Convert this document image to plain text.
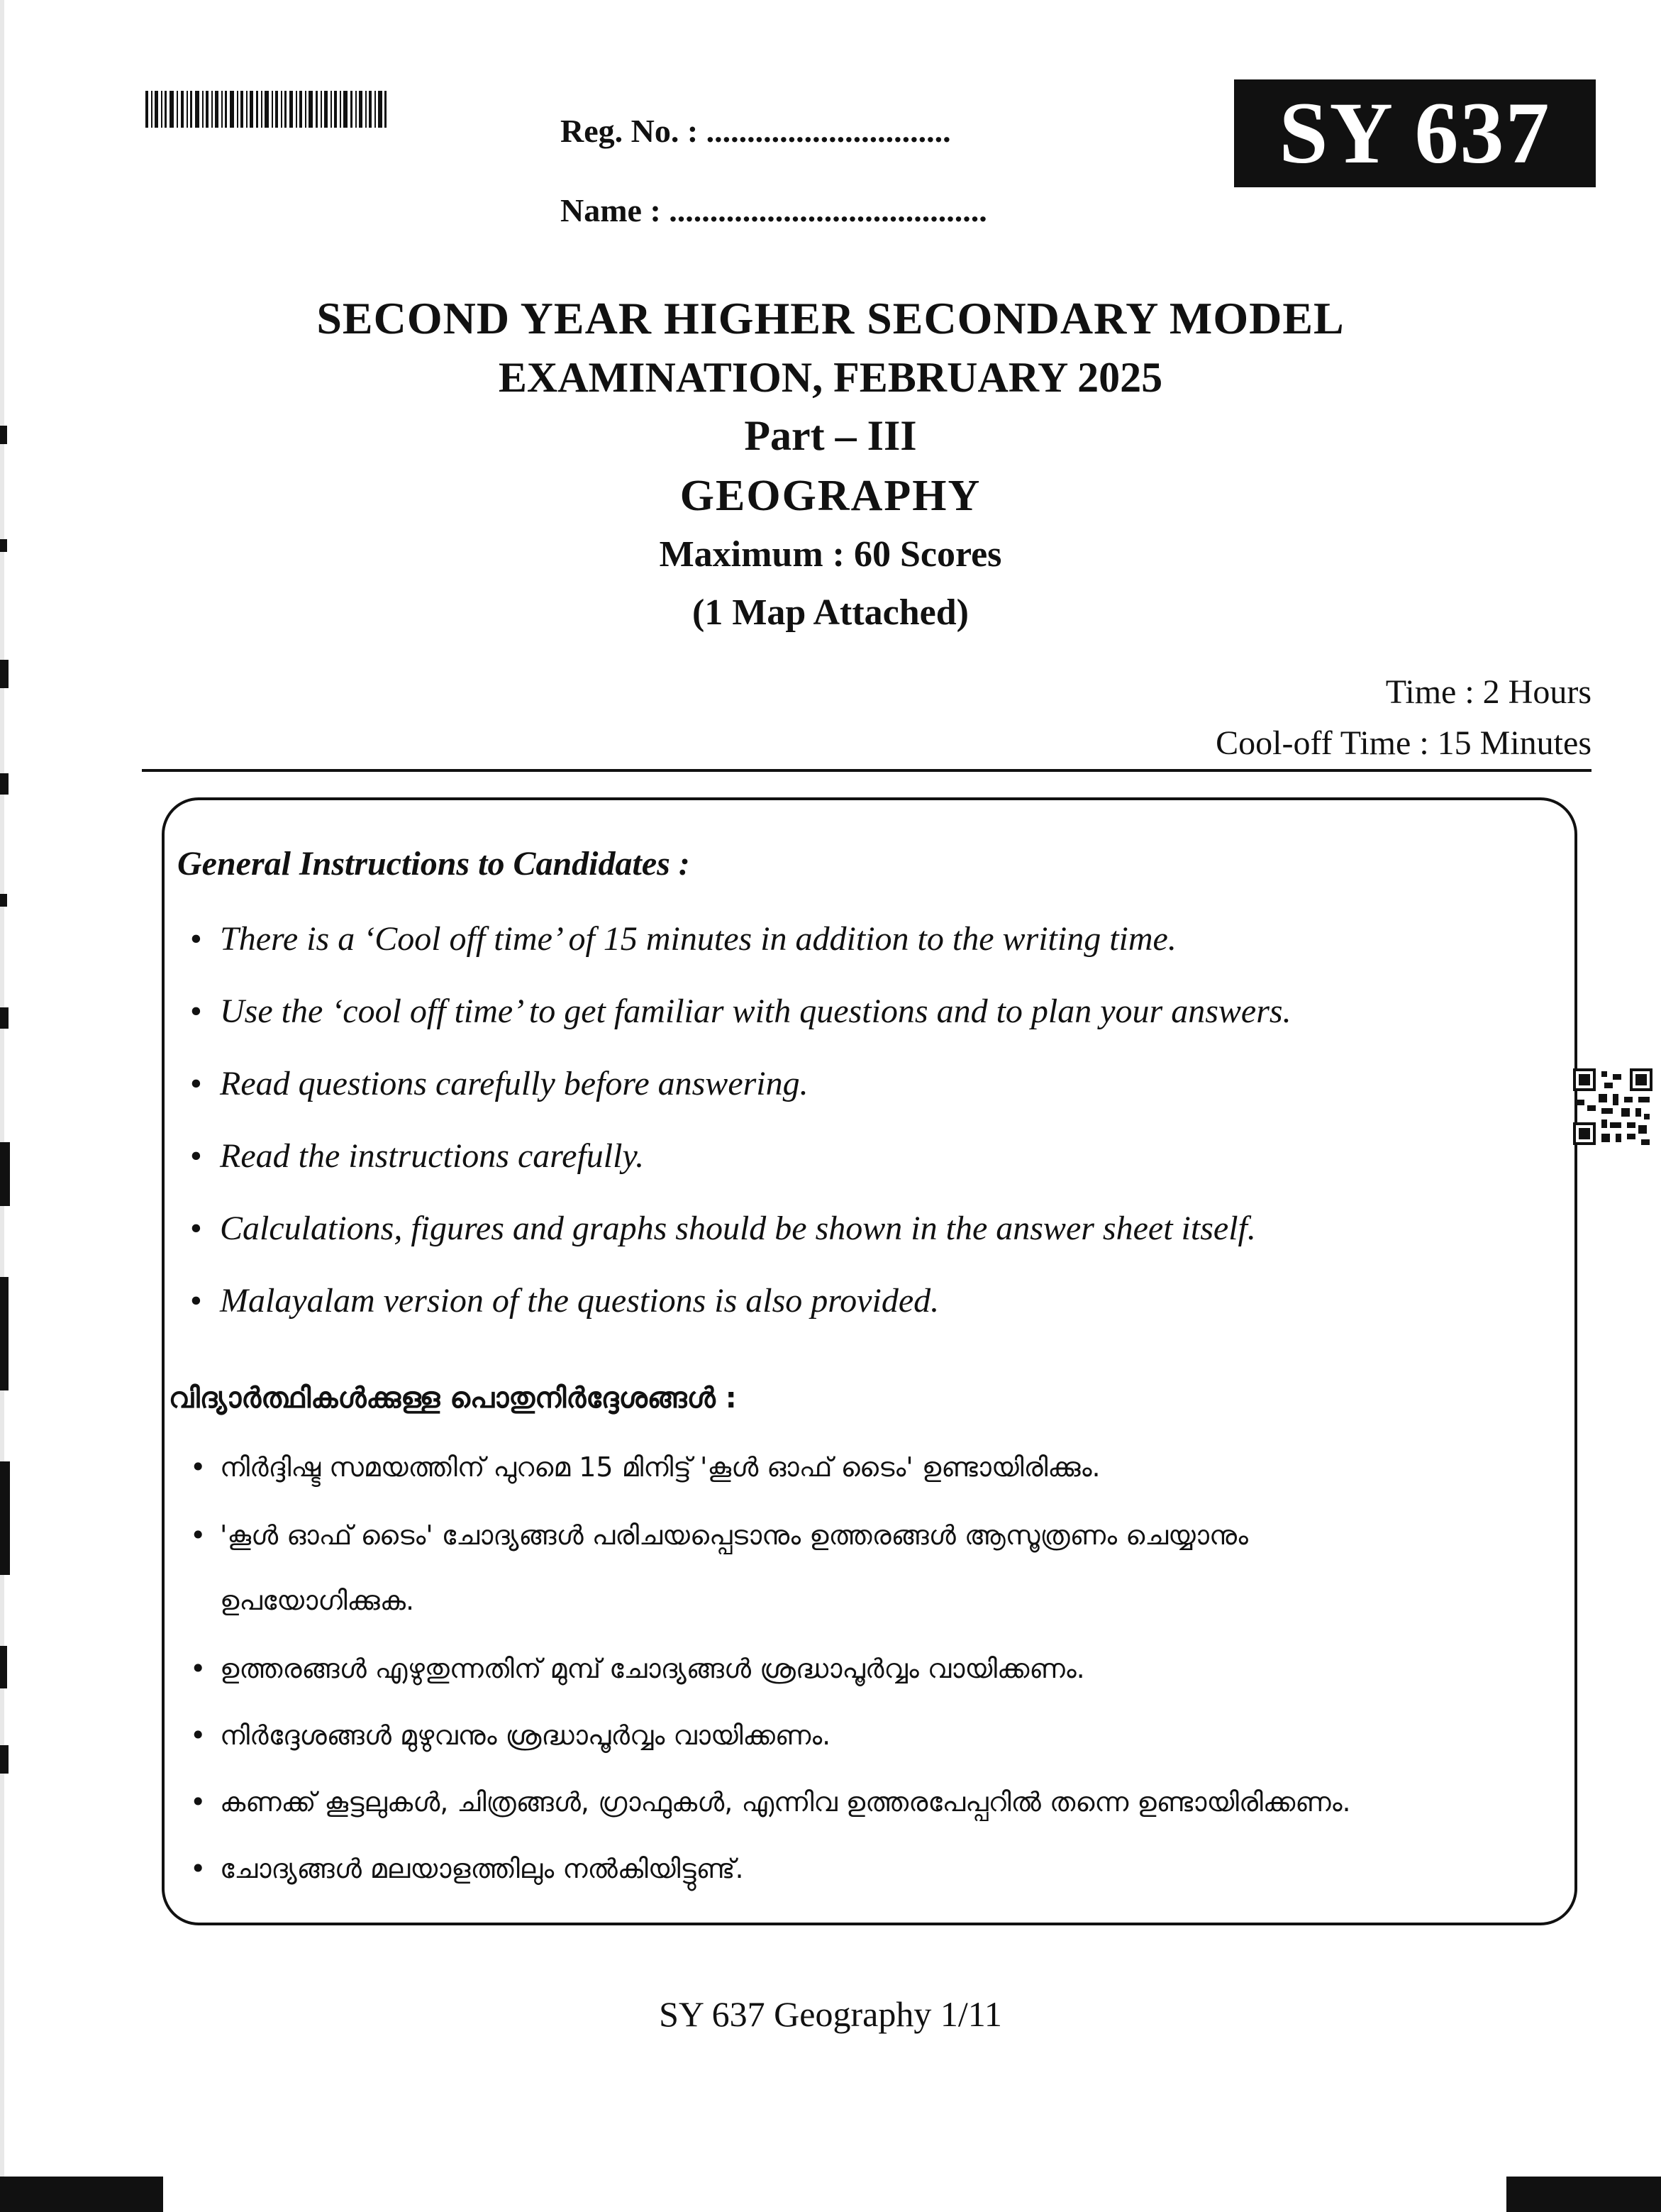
Reg. No. : ..............................
Name : .......................................
SY 637
SECOND YEAR HIGHER SECONDARY MODEL
EXAMINATION, FEBRUARY 2025
Part – III
GEOGRAPHY
Maximum : 60 Scores
(1 Map Attached)
Time : 2 Hours
Cool-off Time : 15 Minutes
General Instructions to Candidates :
• There is a ‘Cool off time’ of 15 minutes in addition to the writing time.
• Use the ‘cool off time’ to get familiar with questions and to plan your answers.
• Read questions carefully before answering.
• Read the instructions carefully.
• Calculations, figures and graphs should be shown in the answer sheet itself.
• Malayalam version of the questions is also provided.
വിദ്യാർത്ഥികൾക്കുള്ള പൊതുനിർദ്ദേശങ്ങൾ :
• നിർദ്ദിഷ്ട സമയത്തിന് പുറമെ 15 മിനിട്ട് 'കൂൾ ഓഫ് ടൈം' ഉണ്ടായിരിക്കും.
• 'കൂൾ ഓഫ് ടൈം' ചോദ്യങ്ങൾ പരിചയപ്പെടാനും ഉത്തരങ്ങൾ ആസൂത്രണം ചെയ്യാനും
ഉപയോഗിക്കുക.
• ഉത്തരങ്ങൾ എഴുതുന്നതിന് മുമ്പ് ചോദ്യങ്ങൾ ശ്രദ്ധാപൂർവ്വം വായിക്കണം.
• നിർദ്ദേശങ്ങൾ മുഴുവനും ശ്രദ്ധാപൂർവ്വം വായിക്കണം.
• കണക്ക് കൂട്ടലുകൾ, ചിത്രങ്ങൾ, ഗ്രാഫുകൾ, എന്നിവ ഉത്തരപേപ്പറിൽ തന്നെ ഉണ്ടായിരിക്കണം.
• ചോദ്യങ്ങൾ മലയാളത്തിലും നൽകിയിട്ടുണ്ട്.
SY 637 Geography 1/11
